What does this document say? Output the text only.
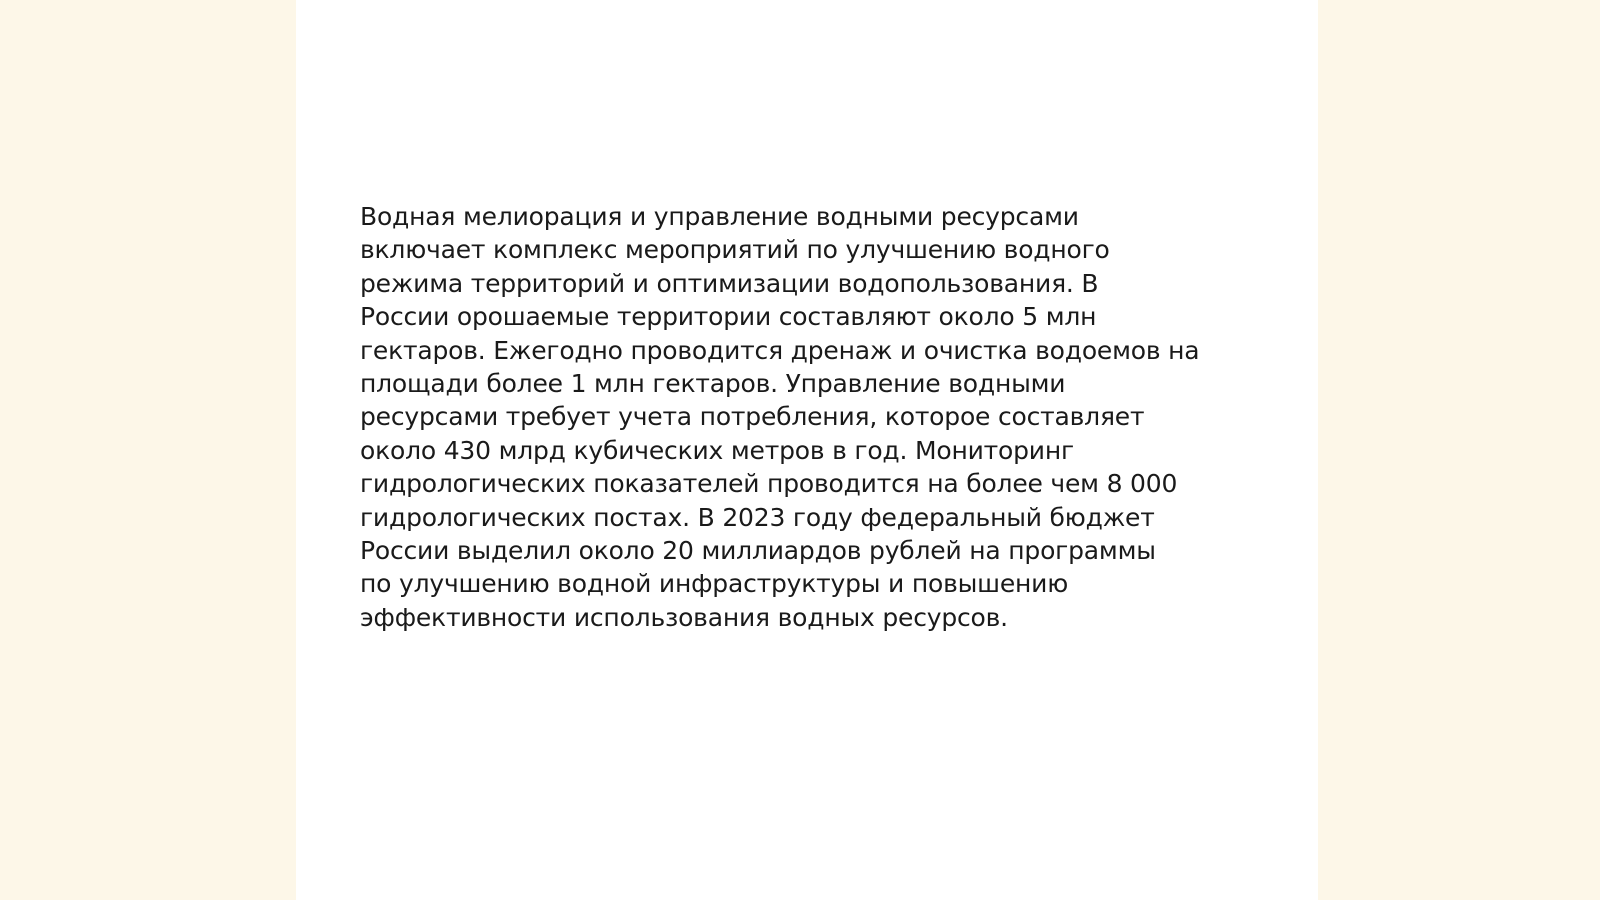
Водная мелиорация и управление водными ресурсами
включает комплекс мероприятий по улучшению водного
режима территорий и оптимизации водопользования. В
России орошаемые территории составляют около 5 млн
гектаров. Ежегодно проводится дренаж и очистка водоемов на
площади более 1 млн гектаров. Управление водными
ресурсами требует учета потребления, которое составляет
около 430 млрд кубических метров в год. Мониторинг
гидрологических показателей проводится на более чем 8 000
гидрологических постах. В 2023 году федеральный бюджет
России выделил около 20 миллиардов рублей на программы
по улучшению водной инфраструктуры и повышению
эффективности использования водных ресурсов.
